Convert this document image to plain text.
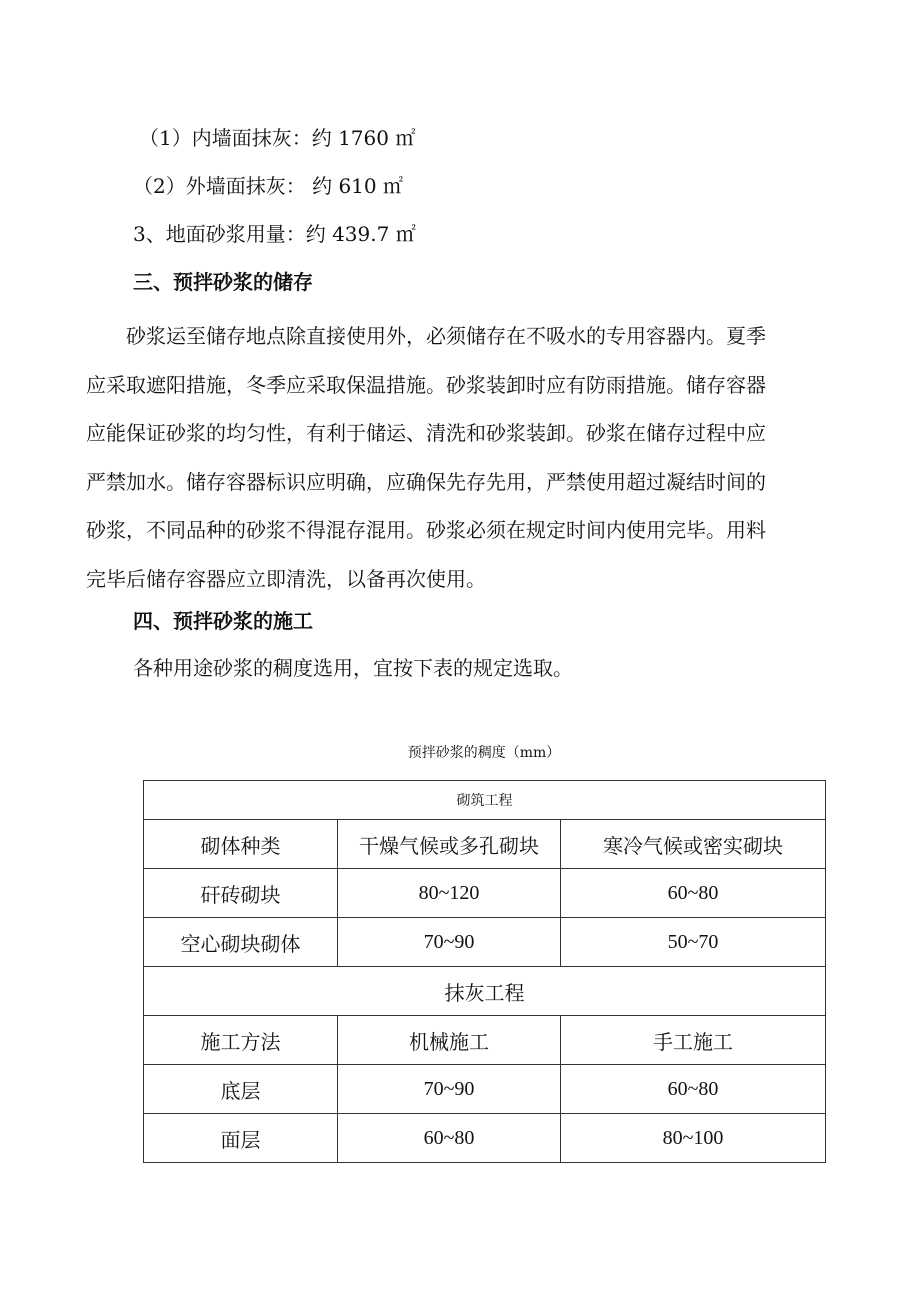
（1）内墙面抹灰：约 1760 ㎡
（2）外墙面抹灰： 约 610 ㎡
3、地面砂浆用量：约 439.7 ㎡
三、预拌砂浆的储存
　　砂浆运至储存地点除直接使用外，必须储存在不吸水的专用容器内。夏季
应采取遮阳措施，冬季应采取保温措施。砂浆装卸时应有防雨措施。储存容器
应能保证砂浆的均匀性，有利于储运、清洗和砂浆装卸。砂浆在储存过程中应
严禁加水。储存容器标识应明确，应确保先存先用，严禁使用超过凝结时间的
砂浆，不同品种的砂浆不得混存混用。砂浆必须在规定时间内使用完毕。用料
完毕后储存容器应立即清洗，以备再次使用。
四、预拌砂浆的施工
各种用途砂浆的稠度选用，宜按下表的规定选取。
预拌砂浆的稠度（mm）
砌筑工程		
砌体种类	干燥气候或多孔砌块	寒冷气候或密实砌块
矸砖砌块	80~120	60~80
空心砌块砌体	70~90	50~70
抹灰工程		
施工方法	机械施工	手工施工
底层	70~90	60~80
面层	60~80	80~100
